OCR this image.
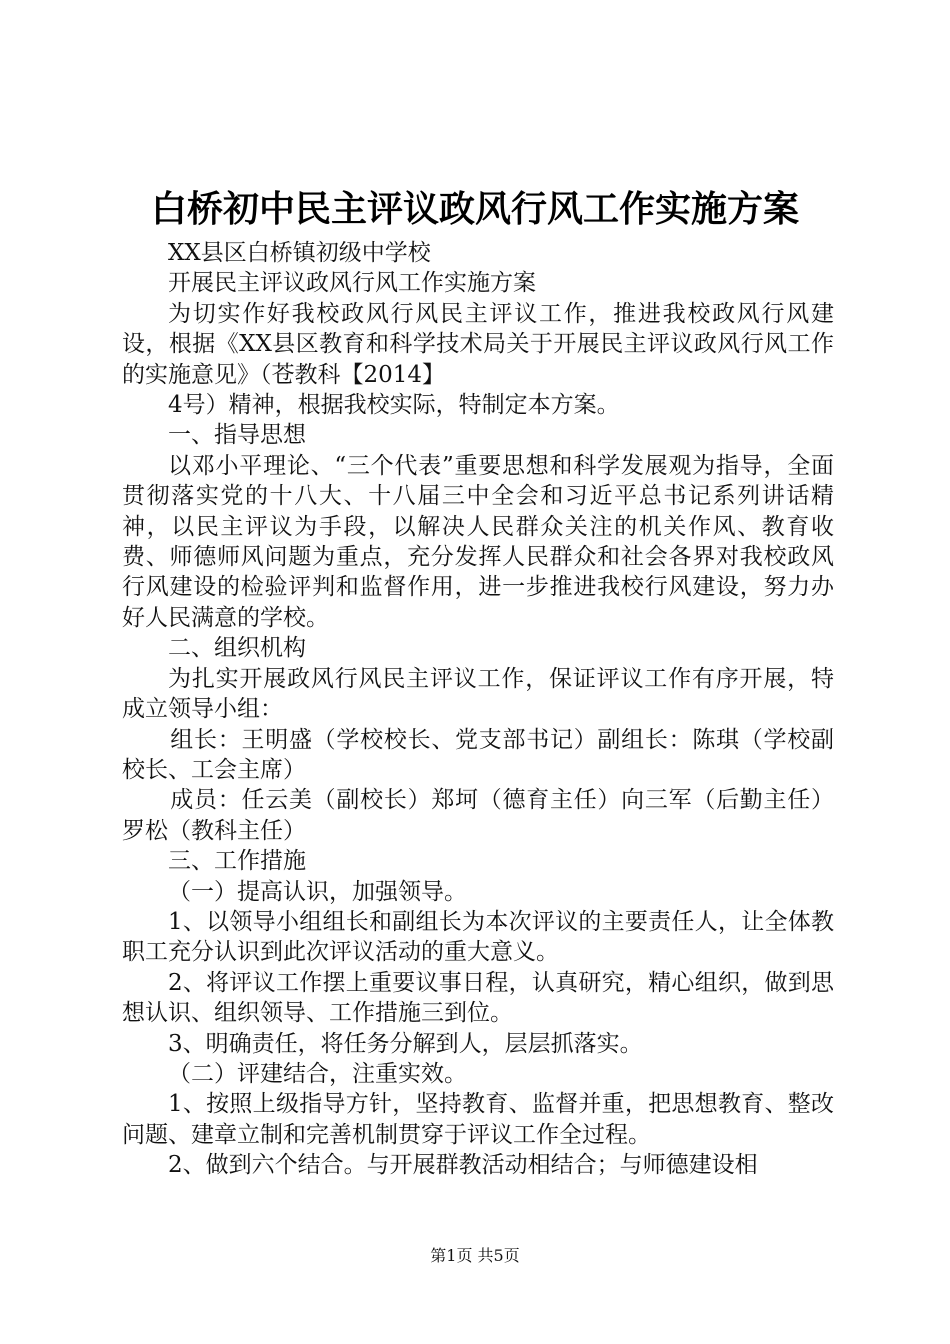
白桥初中民主评议政风行风工作实施方案

XX县区白桥镇初级中学校

开展民主评议政风行风工作实施方案

为切实作好我校政风行风民主评议工作，推进我校政风行风建设，根据《XX县区教育和科学技术局关于开展民主评议政风行风工作的实施意见》（苍教科【2014】

4号）精神，根据我校实际，特制定本方案。

一、指导思想

以邓小平理论、“三个代表”重要思想和科学发展观为指导，全面贯彻落实党的十八大、十八届三中全会和习近平总书记系列讲话精神，以民主评议为手段，以解决人民群众关注的机关作风、教育收费、师德师风问题为重点，充分发挥人民群众和社会各界对我校政风行风建设的检验评判和监督作用，进一步推进我校行风建设，努力办好人民满意的学校。

二、组织机构

为扎实开展政风行风民主评议工作，保证评议工作有序开展，特成立领导小组：

组长：王明盛（学校校长、党支部书记）副组长：陈琪（学校副校长、工会主席）

成员：任云美（副校长）郑坷（德育主任）向三军（后勤主任）罗松（教科主任）

三、工作措施

（一）提高认识，加强领导。

1、以领导小组组长和副组长为本次评议的主要责任人，让全体教职工充分认识到此次评议活动的重大意义。

2、将评议工作摆上重要议事日程，认真研究，精心组织，做到思想认识、组织领导、工作措施三到位。

3、明确责任，将任务分解到人，层层抓落实。

（二）评建结合，注重实效。

1、按照上级指导方针，坚持教育、监督并重，把思想教育、整改问题、建章立制和完善机制贯穿于评议工作全过程。

2、做到六个结合。与开展群教活动相结合；与师德建设相

第1页 共5页
